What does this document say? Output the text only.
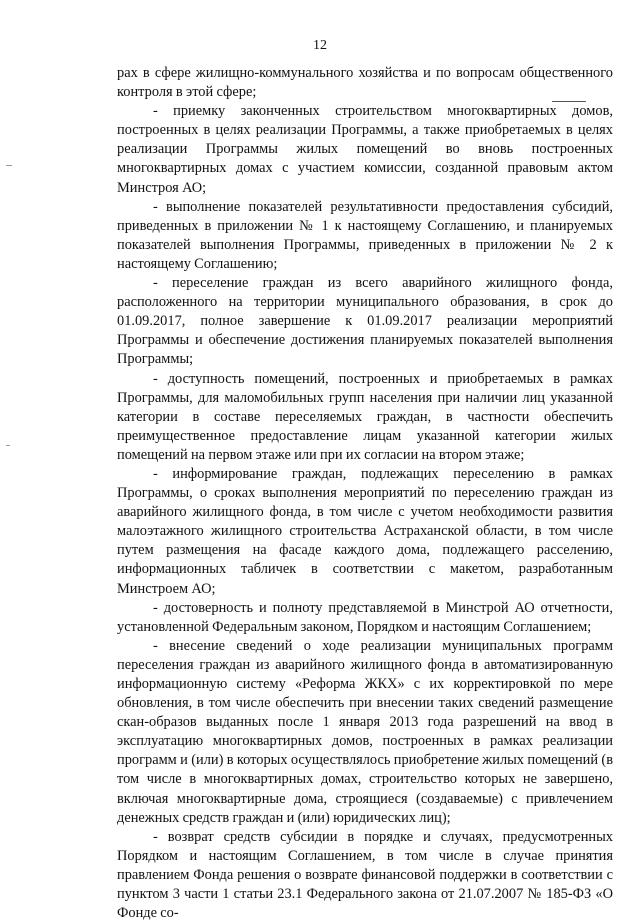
12

рах в сфере жилищно-коммунального хозяйства и по вопросам общественного контроля в этой сфере;

- приемку законченных строительством многоквартирных домов, построенных в целях реализации Программы, а также приобретаемых в целях реализации Программы жилых помещений во вновь построенных многоквартирных домах с участием комиссии, созданной правовым актом Минстроя АО;

- выполнение показателей результативности предоставления субсидий, приведенных в приложении № 1 к настоящему Соглашению, и планируемых показателей выполнения Программы, приведенных в приложении № 2 к настоящему Соглашению;

- переселение граждан из всего аварийного жилищного фонда, расположенного на территории муниципального образования, в срок до 01.09.2017, полное завершение к 01.09.2017 реализации мероприятий Программы и обеспечение достижения планируемых показателей выполнения Программы;

- доступность помещений, построенных и приобретаемых в рамках Программы, для маломобильных групп населения при наличии лиц указанной категории в составе переселяемых граждан, в частности обеспечить преимущественное предоставление лицам указанной категории жилых помещений на первом этаже или при их согласии на втором этаже;

- информирование граждан, подлежащих переселению в рамках Программы, о сроках выполнения мероприятий по переселению граждан из аварийного жилищного фонда, в том числе с учетом необходимости развития малоэтажного жилищного строительства Астраханской области, в том числе путем размещения на фасаде каждого дома, подлежащего расселению, информационных табличек в соответствии с макетом, разработанным Минстроем АО;

- достоверность и полноту представляемой в Минстрой АО отчетности, установленной Федеральным законом, Порядком и настоящим Соглашением;

- внесение сведений о ходе реализации муниципальных программ переселения граждан из аварийного жилищного фонда в автоматизированную информационную систему «Реформа ЖКХ» с их корректировкой по мере обновления, в том числе обеспечить при внесении таких сведений размещение скан-образов выданных после 1 января 2013 года разрешений на ввод в эксплуатацию многоквартирных домов, построенных в рамках реализации программ и (или) в которых осуществлялось приобретение жилых помещений (в том числе в многоквартирных домах, строительство которых не завершено, включая многоквартирные дома, строящиеся (создаваемые) с привлечением денежных средств граждан и (или) юридических лиц);

- возврат средств субсидии в порядке и случаях, предусмотренных Порядком и настоящим Соглашением, в том числе в случае принятия правлением Фонда решения о возврате финансовой поддержки в соответствии с пунктом 3 части 1 статьи 23.1 Федерального закона от 21.07.2007 № 185-ФЗ «О Фонде со-
